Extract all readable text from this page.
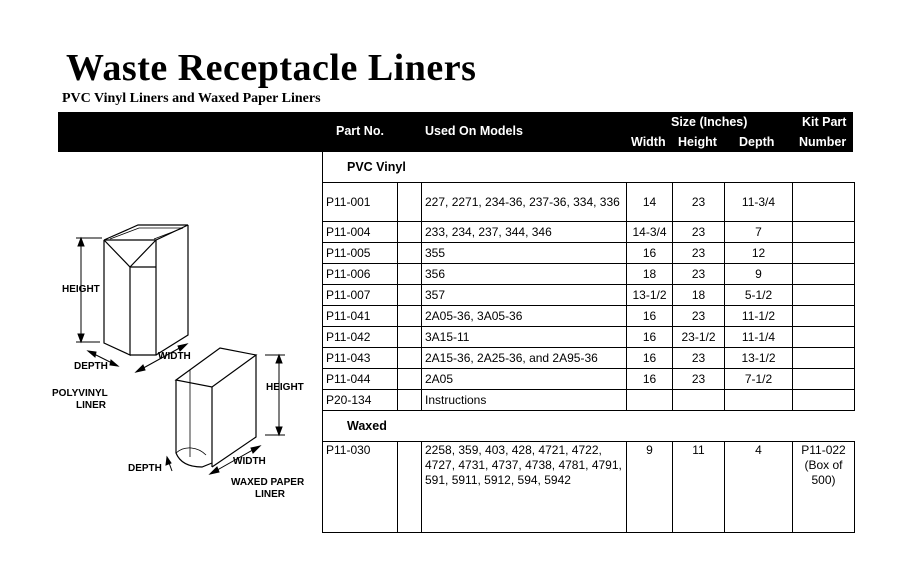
Waste Receptacle Liners
PVC Vinyl Liners and Waxed Paper Liners
Part No.	Used On Models
Size (Inches)
Width Height Depth
Kit Part
Number
PVC Vinyl						
P11-001		227, 2271, 234-36, 237-36, 334, 336	14	23	11-3/4	
P11-004		233, 234, 237, 344, 346	14-3/4	23	7	
P11-005		355	16	23	12	
P11-006		356	18	23	9	
P11-007		357	13-1/2	18	5-1/2	
P11-041		2A05-36, 3A05-36	16	23	11-1/2	
P11-042		3A15-11	16	23-1/2	11-1/4	
P11-043		2A15-36, 2A25-36, and 2A95-36	16	23	13-1/2	
P11-044		2A05	16	23	7-1/2	
P20-134		Instructions				
Waxed						
P11-030		2258, 359, 403, 428, 4721, 4722, 4727, 4731, 4737, 4738, 4781, 4791, 591, 5911, 5912, 594, 5942	9	11	4	P11-022 (Box of 500)
HEIGHT
DEPTH
WIDTH
POLYVINYL
LINER
HEIGHT
DEPTH
WIDTH
WAXED PAPER
LINER
